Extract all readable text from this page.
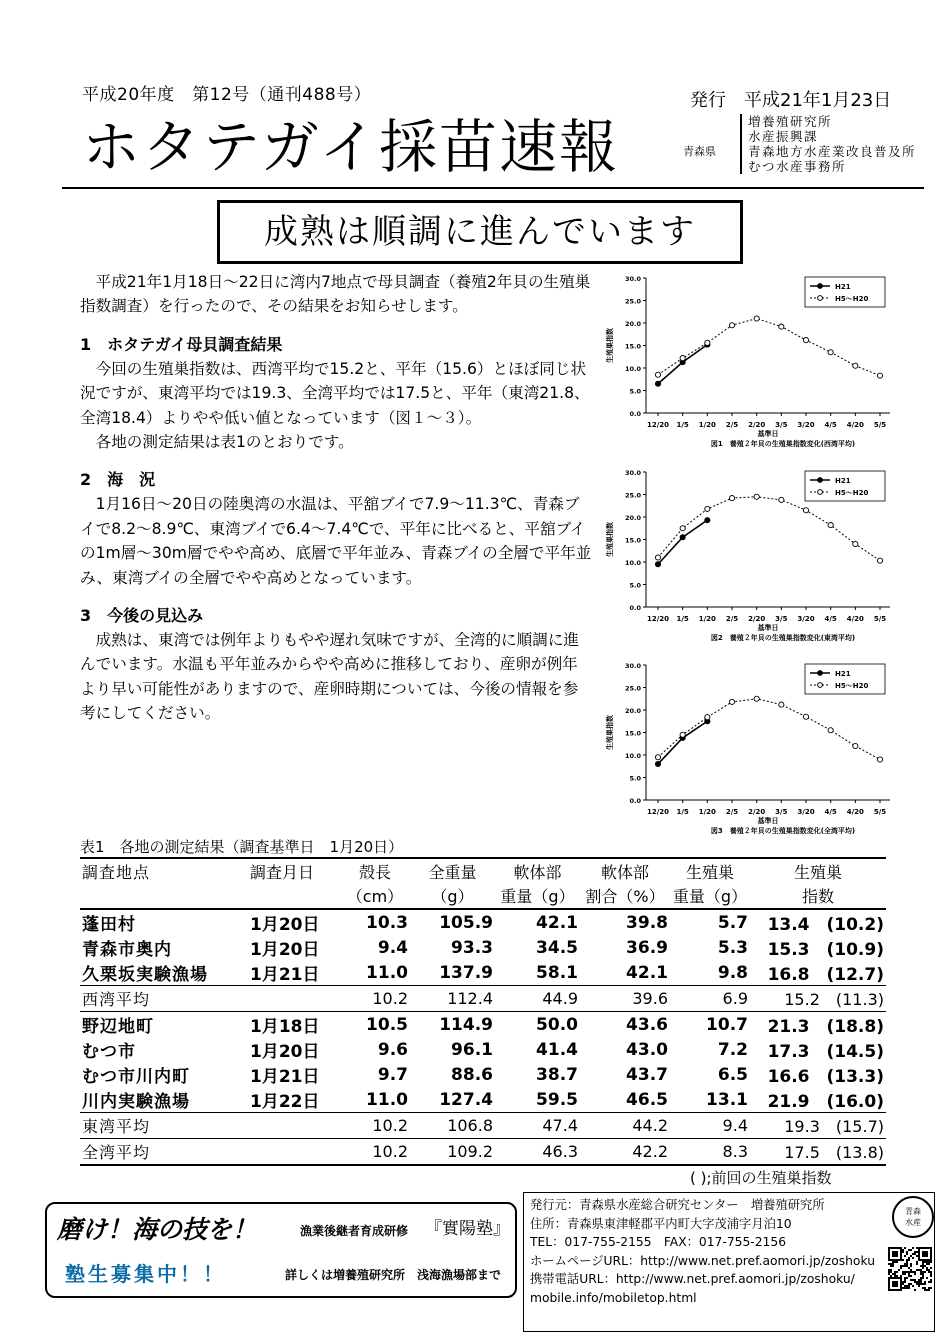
平成20年度　第12号（通刊488号）	発行　平成21年1月23日
ホタテガイ採苗速報	青森県
増養殖研究所
水産振興課
青森地方水産業改良普及所
むつ水産事務所
成熟は順調に進んでいます

平成21年1月18日～22日に湾内7地点で母貝調査（養殖2年貝の生殖巣指数調査）を行ったので、その結果をお知らせします。

1　ホタテガイ母貝調査結果

今回の生殖巣指数は、西湾平均で15.2と、平年（15.6）とほぼ同じ状況ですが、東湾平均では19.3、全湾平均では17.5と、平年（東湾21.8、全湾18.4）よりやや低い値となっています（図１～３）。

各地の測定結果は表1のとおりです。

2　海　況

1月16日～20日の陸奥湾の水温は、平舘ブイで7.9～11.3℃、青森ブイで8.2～8.9℃、東湾ブイで6.4～7.4℃で、平年に比べると、平舘ブイの1m層～30m層でやや高め、底層で平年並み、青森ブイの全層で平年並み、東湾ブイの全層でやや高めとなっています。

3　今後の見込み

成熟は、東湾では例年よりもやや遅れ気味ですが、全湾的に順調に進んでいます。水温も平年並みからやや高めに推移しており、産卵が例年より早い可能性がありますので、産卵時期については、今後の情報を参考にしてください。

0.0
5.0
10.0
15.0
20.0
25.0
30.0
12/20 1/5 1/20 2/5 2/20 3/5 3/20 4/5 4/20 5/5
生殖巣指数
基準日
図1　養殖２年貝の生殖巣指数変化(西湾平均)
H21
H5～H20
0.0
5.0
10.0
15.0
20.0
25.0
30.0
12/20 1/5 1/20 2/5 2/20 3/5 3/20 4/5 4/20 5/5
生殖巣指数
基準日
図2　養殖２年貝の生殖巣指数変化(東湾平均)
H21
H5～H20
0.0
5.0
10.0
15.0
20.0
25.0
30.0
12/20 1/5 1/20 2/5 2/20 3/5 3/20 4/5 4/20 5/5
生殖巣指数
基準日
図3　養殖２年貝の生殖巣指数変化(全湾平均)
H21
H5～H20
表1　各地の測定結果（調査基準日　1月20日）
調査地点	調査月日	殻長	全重量	軟体部	軟体部	生殖巣	生殖巣
		（cm）	（g）	重量（g）	割合（%）	重量（g）	指数
蓬田村	1月20日	10.3	105.9	42.1	39.8	5.7	13.4　(10.2)
青森市奥内	1月20日	9.4	93.3	34.5	36.9	5.3	15.3　(10.9)
久栗坂実験漁場	1月21日	11.0	137.9	58.1	42.1	9.8	16.8　(12.7)
西湾平均		10.2	112.4	44.9	39.6	6.9	15.2　(11.3)
野辺地町	1月18日	10.5	114.9	50.0	43.6	10.7	21.3　(18.8)
むつ市	1月20日	9.6	96.1	41.4	43.0	7.2	17.3　(14.5)
むつ市川内町	1月21日	9.7	88.6	38.7	43.7	6.5	16.6　(13.3)
川内実験漁場	1月22日	11.0	127.4	59.5	46.5	13.1	21.9　(16.0)
東湾平均		10.2	106.8	47.4	44.2	9.4	19.3　(15.7)
全湾平均		10.2	109.2	46.3	42.2	8.3	17.5　(13.8)
( );前回の生殖巣指数
磨け！海の技を！	漁業後継者育成研修 『實陽塾』
塾生募集中！！	詳しくは増養殖研究所　浅海漁場部まで
発行元：青森県水産総合研究センター　増養殖研究所
住所：青森県東津軽郡平内町大字茂浦字月泊10
TEL：017-755-2155　FAX：017-755-2156
ホームページURL：http://www.net.pref.aomori.jp/zoshoku
携帯電話URL：http://www.net.pref.aomori.jp/zoshoku/
mobile.info/mobiletop.html
青森
水産
